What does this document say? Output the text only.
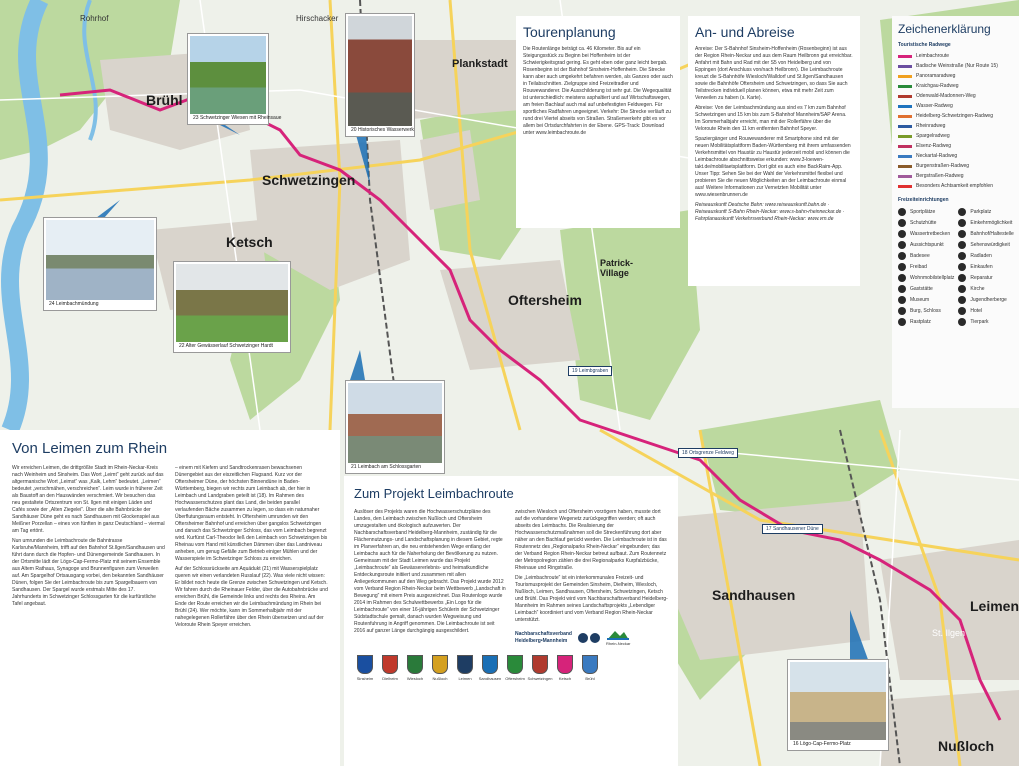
Brühl
Plankstadt
Schwetzingen
Ketsch
Oftersheim
Sandhausen
Leimen
Nußloch
Patrick-
Village
Rohrhof	Hirschacker
St. Ilgen
23 Schwetzinger Wiesen mit Rheinsaue
20 Historisches Wasserwerk
24 Leimbachmündung
22 Alter Gewässerlauf Schwetzinger Hardt
21 Leimbach am Schlossgarten
16 Lögo-Cap-Fermo-Platz
19 Leimbgraben
18 Ortsgrenze Feldweg
17 Sandhausener Düne
Tourenplanung
Die Routenlänge beträgt ca. 46 Kilometer. Bis auf ein Steigungsstück zu Beginn bei Hoffenheim ist der Schwierigkeitsgrad gering. Es geht eben oder ganz leicht bergab. Rosenbeginn ist der Bahnhof Sinsheim-Hoffenheim. Die Strecke kann aber auch umgekehrt befahren werden, als Ganzes oder auch in Teilabschnitten. Zielgruppe sind Freizeitradler und Rouwewanderer. Die Ausschilderung ist sehr gut. Die Wegequalität ist unterschiedlich: meistens asphaltiert und auf Wirtschaftswegen, am freien Bachlauf auch mal auf unbefestigten Feldwegen. Für sportliches Radfahren ungeeignet. Verkehr: Die Strecke verläuft zu rund drei Viertel abseits von Straßen. Straßenverkehr gibt es vor allem bei Ortsdurchfahrten in der Ebene. GPS-Track: Download unter www.leimbachroute.de
An- und Abreise

Anreise: Der S-Bahnhof Sinsheim-Hoffenheim (Rosenbeginn) ist aus der Region Rhein-Neckar und aus dem Raum Heilbronn gut erreichbar. Anfahrt mit Bahn und Rad mit der S5 von Heidelberg und von Eppingen (dort Anschluss von/nach Heilbronn). Die Leimbachroute kreuzt die S-Bahnhöfe Wiesloch/Walldorf und St.Ilgen/Sandhausen sowie die Bahnhöfe Oftersheim und Schwetzingen, so dass Sie auch Teilstrecken individuell planen können, etwa mit mehr Zeit zum Verweilen zu haben (s. Karte).

Abreise: Von der Leimbachmündung aus sind es 7 km zum Bahnhof Schwetzingen und 15 km bis zum S-Bahnhof Mannheim/SAP Arena. Im Sommerhalbjahr erreicht, man mit der Rollerfähre über die Veloroute Rhein den 11 km entfernten Bahnhof Speyer.

Spaziergänger und Rouwewanderer mit Smartphone sind mit der neuen Mobilitätsplattform Baden-Württemberg mit ihrem umfassenden Verkehrsmittel von Haustür zu Haustür jederzeit mobil und können die Leimbachroute abschnittsweise erkunden: www.3-loewen-takt.de/mobilitaetsplattform. Dort gibt es auch eine BackRaim-App. Unser Tipp: Sehen Sie bei der Wahl der Verkehrsmittel flexibel und probieren Sie die neuen Möglichkeiten an der Leimbachroute einmal aus! Weitere Informationen zur Vernetzten Mobilität unter www.wiesenbrunnen.de

Reiseauskunft Deutsche Bahn: www.reiseauskunft.bahn.de · Reiseauskunft S-Bahn Rhein-Neckar: www.s-bahn-rheinneckar.de · Fahrplanauskunft Verkehrsverbund Rhein-Neckar: www.vrn.de

Zeichenerklärung
Touristische Radwege
Leimbachroute
Badische Weinstraße (Nur Route 15)
Panoramaradweg
Kraichgau-Radweg
Odenwald-Madonnen-Weg
Wasser-Radweg
Heidelberg-Schwetzingen-Radweg
Rheinradweg
Spargelradweg
Elsenz-Radweg
Neckartal-Radweg
Burgenstraßen-Radweg
Bergstraßen-Radweg
Besonders Achtsamkeit empfohlen
Freizeiteinrichtungen
Sportplätze	Parkplatz
Schutzhütte	Einkehrmöglichkeit
Wassertretbecken	Bahnhof/Haltestelle
Aussichtspunkt	Sehenswürdigkeit
Badesee	Radladen
Freibad	Einkaufen
Wohnmobilstellplatz	Reparatur
Gaststätte	Kirche
Museum	Jugendherberge
Burg, Schloss	Hotel
Rastplatz	Tierpark
Von Leimen zum Rhein

Wir erreichen Leimen, die drittgrößte Stadt im Rhein-Neckar-Kreis nach Weinheim und Sinsheim. Das Wort „Leimt“ geht zurück auf das altgermanische Wort „Leimst“ was „Kalk, Lehm“ bedeutet. „Leimen“ bedeutet „verschmähen, verschreichen“. Leim wurde in früherer Zeit als Baustoff an den Hauswänden verschmiert. Wir besuchen das neu gestaltete Ortszentrum von St. Ilgen mit einigen Läden und Cafés sowie der „Alten Ziegelei“. Über die alte Bahnbrücke der Sandhäuser Düne geht es nach Sandhausen mit Glockenspiel aus Meißner Porzellan – eines von fünften in ganz Deutschland – viermal am Tag ertönt.

Nun umrunden die Leimbachroute die Bahntrasse Karlsruhe/Mannheim, trifft auf den Bahnhof St.Ilgen/Sandhausen und führt dann durch die Hopfen- und Dünengemeinde Sandhausen. In der Ortsmitte lädt der Lögo-Cap-Fermo-Platz mit seinem Ensemble aus Altem Rathaus, Synagoge und Brunnenfiguren zum Verweilen auf. Am Spargelhof Ortsausgang vorbei, den bekannten Sandhäuser Dünen, folgen Sie der Leimbachroute bis zum Spargelbauern von Sandhausen. Der Spargel wurde erstmals Mitte des 17. Jahrhunderts im Schwetzinger Schlossgarten für die kurfürstliche Tafel angebaut.

– einem mit Kiefern und Sandtrockenrasen bewachsenen Dünengebiet aus der eiszeitlichen Flugsand. Kurz vor der Oftersheimer Düne, der höchsten Binnendüne in Baden-Württemberg, biegen wir rechts zum Leimbach ab, der hier in Leimbach und Landgraben geteilt ist (18). Im Rahmen des Hochwasserschutzes plant das Land, die beiden parallel verlaufenden Bäche zusammen zu legen, so dass ein naturnaher Überflutungsraum entsteht. In Oftersheim umrunden wir den Oftersheimer Bahnhof und erreichen über gangslos Schwetzingen und danach das Schwetzinger Schloss, das vom Leimbach begrenzt wird. Kurfürst Carl-Theodor ließ den Leimbach von Schwetzingen bis Rheinau vom Hand mit künstlichen Dämmen über das Landniveau anheben, um genug Gefälle zum Betrieb einiger Mühlen und der Wasserspiele im Schwetzinger Schloss zu erreichen.

Auf der Schlossrückseite am Aquädukt (21) mit Wasserspielplatz queren wir einen verlandeten Russlauf (22). Was viele nicht wissen: Er bildet noch heute die Grenze zwischen Schwetzingen und Ketsch. Wir fahren durch die Rheinauer Felder, über die Autobahnbrücke und erreichen Brühl, die Gemeinde links und rechts des Rheins. Am Ende der Route erreichen wir die Leimbachmündung im Rhein bei Brühl (24). Wer möchte, kann im Sommerhalbjahr mit der nahegelegenen Rollerfähre über den Rhein übersetzen und auf der Veloroute Rhein Speyer erreichen.

Zum Projekt Leimbachroute

Auslöser des Projekts waren die Hochwasserschutzpläne des Landes, den Leimbach zwischen Nußloch und Oftersheim umzugestalten und ökologisch aufzuwerten. Der Nachbarschaftsverband Heidelberg-Mannheim, zuständig für die Flächennutzungs- und Landschaftsplanung in diesem Gebiet, regte im Planverfahren an, die neu entstehenden Wege entlang der Leimbachs auch für die Naherholung der Bevölkerung zu nutzen. Gemeinsam mit der Stadt Leimen wurde das Projekt „Leimbachroute“ als Gewässererlebnis- und heimatkundliche Entdeckungsroute initiiert und zusammen mit allen Anliegerkommunen auf den Weg gebracht. Das Projekt wurde 2012 vom Verband Region Rhein-Neckar beim Wettbewerb „Landschaft in Bewegung“ mit einem Preis ausgezeichnet. Das Routenlogo wurde 2014 im Rahmen des Schulwettbewerbs „Ein Logo für die Leimbachroute“ von einer 16-jährigen Schülerin der Schwetzinger Südstadtschule gemalt, danach wurden Wegweisung und Routenfuhrung in Angriff genommen. Die Leimbachroute ist seit 2016 auf ganzer Länge durchgängig ausgeschildert.

zwischen Wiesloch und Oftersheim vorzögern haben, musste dort auf die vorhandene Wegenetz zurückgegriffen werden; oft auch abseits des Leimbachs. Die Realisierung der Hochwasserschutzmaßnahmen soll die Streckenführung dort aber näher an den Bachlauf gerückt werden. Die Leimbachroute ist in das Routennetz des „Regionalparks Rhein-Neckar“ eingebunden; das der Verband Region Rhein-Neckar betreut aufbaut. Zum Routennetz der Metropolregion zählen die drei Regionalparks Kurpfalzbücke, Rheinaue und Ringstraße.

Die „Leimbachroute“ ist ein interkommunales Freizeit- und Tourismusprojekt der Gemeinden Sinsheim, Dielheim, Wiesloch, Nußloch, Leimen, Sandhausen, Oftersheim, Schwetzingen, Ketsch und Brühl. Das Projekt wird vom Nachbarschaftsverband Heidelberg-Mannheim im Rahmen seines Landschaftsprojekts „Lebendiger Leimbach“ koordiniert und vom Verband Region Rhein-Neckar unterstützt.

Nachbarschaftsverband
Heidelberg•Mannheim	Rhein-Neckar
Sinsheim Dielheim Wiesloch Nußloch	Leimen Sandhausen Oftersheim Schwetzingen Ketsch	Brühl
